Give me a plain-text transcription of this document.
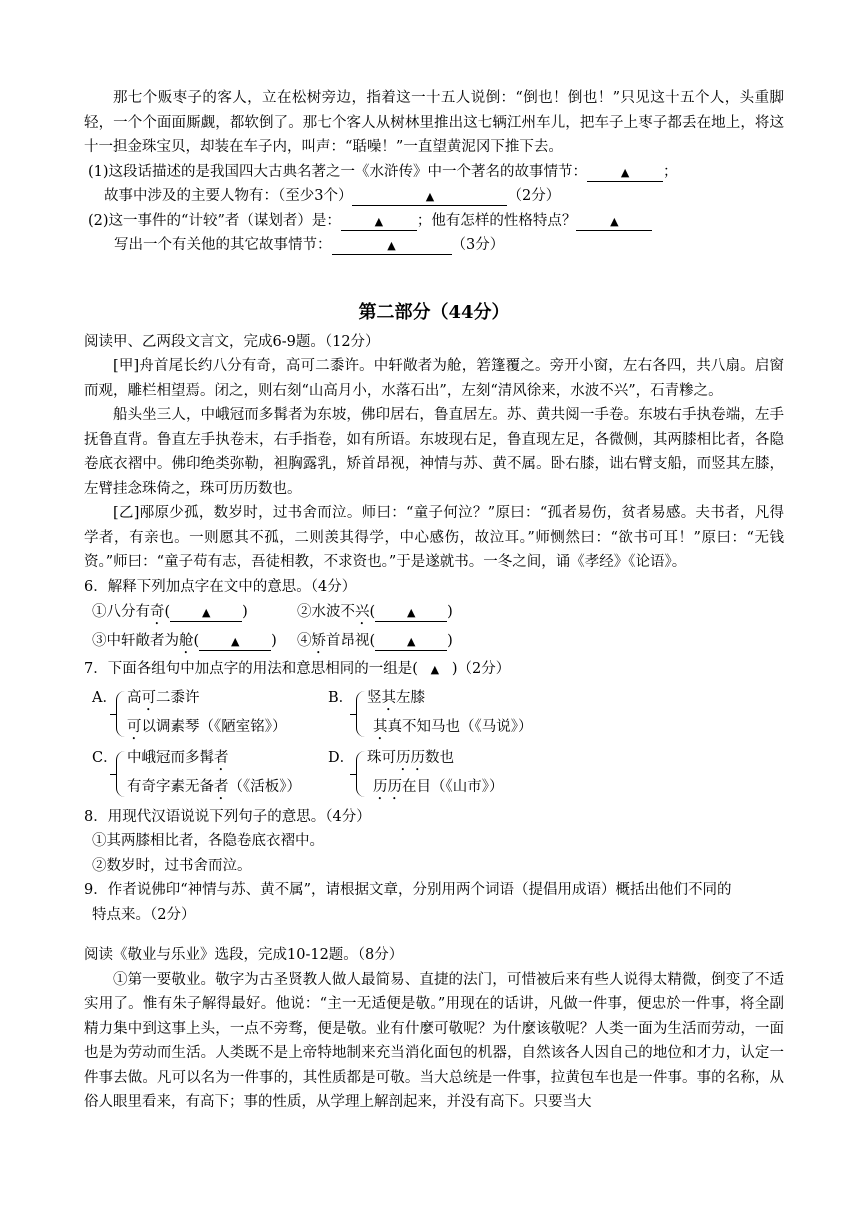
那七个贩枣子的客人，立在松树旁边，指着这一十五人说倒：“倒也！倒也！”只见这十五个人，头重脚轻，一个个面面厮觑，都软倒了。那七个客人从树林里推出这七辆江州车儿，把车子上枣子都丢在地上，将这十一担金珠宝贝，却装在车子内，叫声：“聒噪！”一直望黄泥冈下推下去。

(1)这段话描述的是我国四大古典名著之一《水浒传》中一个著名的故事情节：	▲ ；

故事中涉及的主要人物有：（至少3个）	▲	（2分）

(2)这一事件的“计较”者（谋划者）是：	▲ ；他有怎样的性格特点？	▲

写出一个有关他的其它故事情节：	▲	（3分）

第二部分（44分）

阅读甲、乙两段文言文，完成6-9题。（12分）

[甲]舟首尾长约八分有奇，高可二黍许。中轩敞者为舱，箬篷覆之。旁开小窗，左右各四，共八扇。启窗而观，雕栏相望焉。闭之，则右刻“山高月小，水落石出”，左刻“清风徐来，水波不兴”，石青糁之。

船头坐三人，中峨冠而多髯者为东坡，佛印居右，鲁直居左。苏、黄共阅一手卷。东坡右手执卷端，左手抚鲁直背。鲁直左手执卷末，右手指卷，如有所语。东坡现右足，鲁直现左足，各微侧，其两膝相比者，各隐卷底衣褶中。佛印绝类弥勒，袒胸露乳，矫首昂视，神情与苏、黄不属。卧右膝，诎右臂支船，而竖其左膝，左臂挂念珠倚之，珠可历历数也。

[乙]邴原少孤，数岁时，过书舍而泣。师曰：“童子何泣？”原曰：“孤者易伤，贫者易感。夫书者，凡得学者，有亲也。一则愿其不孤，二则羡其得学，中心感伤，故泣耳。”师恻然曰：“欲书可耳！”原曰：“无钱资。”师曰：“童子苟有志，吾徒相教，不求资也。”于是遂就书。一冬之间，诵《孝经》《论语》。

6．解释下列加点字在文中的意思。（4分）

①八分有奇(	▲ )	②水波不兴(	▲ )
③中轩敞者为舱(	▲ )	④矫首昂视(	▲ )

7．下面各组句中加点字的用法和意思相同的一组是( ▲ )（2分）

A． 高可二黍许
可以调素琴（《陋室铭》）
B． 竖其左膝
其真不知马也（《马说》）
C． 中峨冠而多髯者
有奇字素无备者（《活板》）
D． 珠可历历数也
历历在目（《山市》）

8．用现代汉语说说下列句子的意思。（4分）

①其两膝相比者，各隐卷底衣褶中。

②数岁时，过书舍而泣。

9．作者说佛印“神情与苏、黄不属”，请根据文章，分别用两个词语（提倡用成语）概括出他们不同的

特点来。（2分）

阅读《敬业与乐业》选段，完成10-12题。（8分）

①第一要敬业。敬字为古圣贤教人做人最简易、直捷的法门，可惜被后来有些人说得太精微，倒变了不适实用了。惟有朱子解得最好。他说：“主一无适便是敬。”用现在的话讲，凡做一件事，便忠於一件事，将全副精力集中到这事上头，一点不旁骛，便是敬。业有什麼可敬呢？为什麼该敬呢？人类一面为生活而劳动，一面也是为劳动而生活。人类既不是上帝特地制来充当消化面包的机器，自然该各人因自己的地位和才力，认定一件事去做。凡可以名为一件事的，其性质都是可敬。当大总统是一件事，拉黄包车也是一件事。事的名称，从俗人眼里看来，有高下；事的性质，从学理上解剖起来，并没有高下。只要当大
